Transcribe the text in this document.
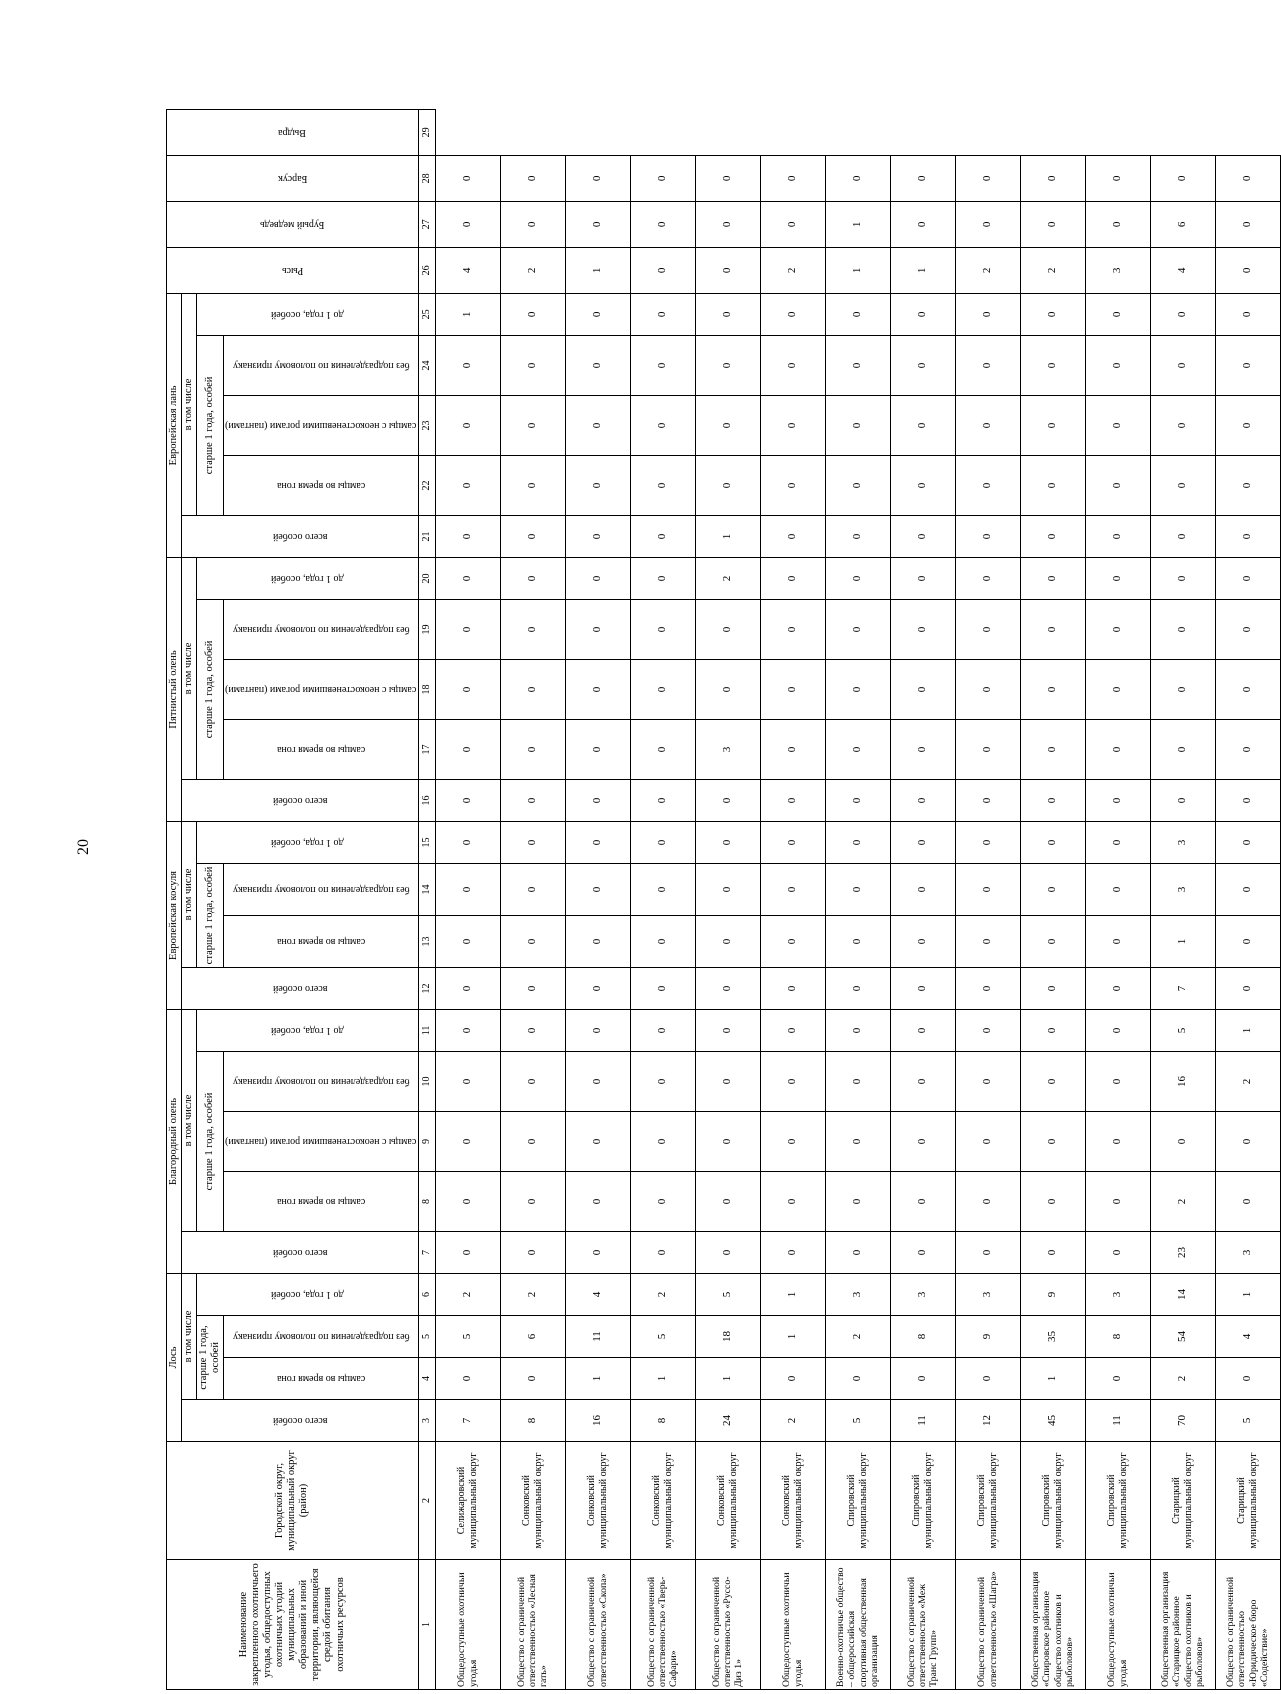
20
Наименование закрепленного охотничьего угодья, общедоступных охотничьих угодий муниципальных образований и иной территории, являющейся средой обитания охотничьих ресурсов	Городской округ, муниципальный округ (район)	Лось				Благородный олень					Европейская косуля				Пятнистый олень					Европейская лань					Рысь	Бурый медведь	Барсук	Выдра

		всего особей	в том числе			всего особей	в том числе				всего особей	в том числе			всего особей	в том числе				всего особей	в том числе							
			старше 1 года, особей		до 1 года, особей		старше 1 года, особей			до 1 года, особей		старше 1 года, особей		до 1 года, особей		старше 1 года, особей			до 1 года, особей		старше 1 года, особей			до 1 года, особей				

			самцы во время гона	без подразделения по половому признаку			самцы во время гона	самцы с неокостеневшими рогами (пантами)	без подразделения по половому признаку			самцы во время гона	без подразделения по половому признаку			самцы во время гона	самцы с неокостеневшими рогами (пантами)	без подразделения по половому признаку			самцы во время гона	самцы с неокостеневшими рогами (пантами)	без подразделения по половому признаку					

1	2	3	4	5	6	7	8	9	10	11	12	13	14	15	16	17	18	19	20	21	22	23	24	25	26	27	28	29
Общедоступные охотничьи угодья	Селижаровский муниципальный округ	7	0	5	2	0	0	0	0	0	0	0	0	0	0	0	0	0	0	0	0	0	0	1	4	0	0	
Общество с ограниченной ответственностью «Лесная гать»	Сонковский муниципальный округ	8	0	6	2	0	0	0	0	0	0	0	0	0	0	0	0	0	0	0	0	0	0	0	2	0	0	
Общество с ограниченной ответственностью «Скопа»	Сонковский муниципальный округ	16	1	11	4	0	0	0	0	0	0	0	0	0	0	0	0	0	0	0	0	0	0	0	1	0	0	
Общество с ограниченной ответственностью «Тверь-Сафари»	Сонковский муниципальный округ	8	1	5	2	0	0	0	0	0	0	0	0	0	0	0	0	0	0	0	0	0	0	0	0	0	0	
Общество с ограниченной ответственностью «Руссо-Диз 1»	Сонковский муниципальный округ	24	1	18	5	0	0	0	0	0	0	0	0	0	0	3	0	0	2	1	0	0	0	0	0	0	0	
Общедоступные охотничьи угодья	Сонковский муниципальный округ	2	0	1	1	0	0	0	0	0	0	0	0	0	0	0	0	0	0	0	0	0	0	0	2	0	0	
Военно-охотничье общество – общероссийская спортивная общественная организация	Спировский муниципальный округ	5	0	2	3	0	0	0	0	0	0	0	0	0	0	0	0	0	0	0	0	0	0	0	1	1	0	
Общество с ограниченной ответственностью «Меж Транс Групп»	Спировский муниципальный округ	11	0	8	3	0	0	0	0	0	0	0	0	0	0	0	0	0	0	0	0	0	0	0	1	0	0	
Общество с ограниченной ответственностью «Шагра»	Спировский муниципальный округ	12	0	9	3	0	0	0	0	0	0	0	0	0	0	0	0	0	0	0	0	0	0	0	2	0	0	
Общественная организация «Спировское районное общество охотников и рыболовов»	Спировский муниципальный округ	45	1	35	9	0	0	0	0	0	0	0	0	0	0	0	0	0	0	0	0	0	0	0	2	0	0	
Общедоступные охотничьи угодья	Спировский муниципальный округ	11	0	8	3	0	0	0	0	0	0	0	0	0	0	0	0	0	0	0	0	0	0	0	3	0	0	
Общественная организация «Старицкое районное общество охотников и рыболовов»	Старицкий муниципальный округ	70	2	54	14	23	2	0	16	5	7	1	3	3	0	0	0	0	0	0	0	0	0	0	4	6	0	
Общество с ограниченной ответственностью «Юридическое бюро «Содействие»	Старицкий муниципальный округ	5	0	4	1	3	0	0	2	1	0	0	0	0	0	0	0	0	0	0	0	0	0	0	0	0	0	
